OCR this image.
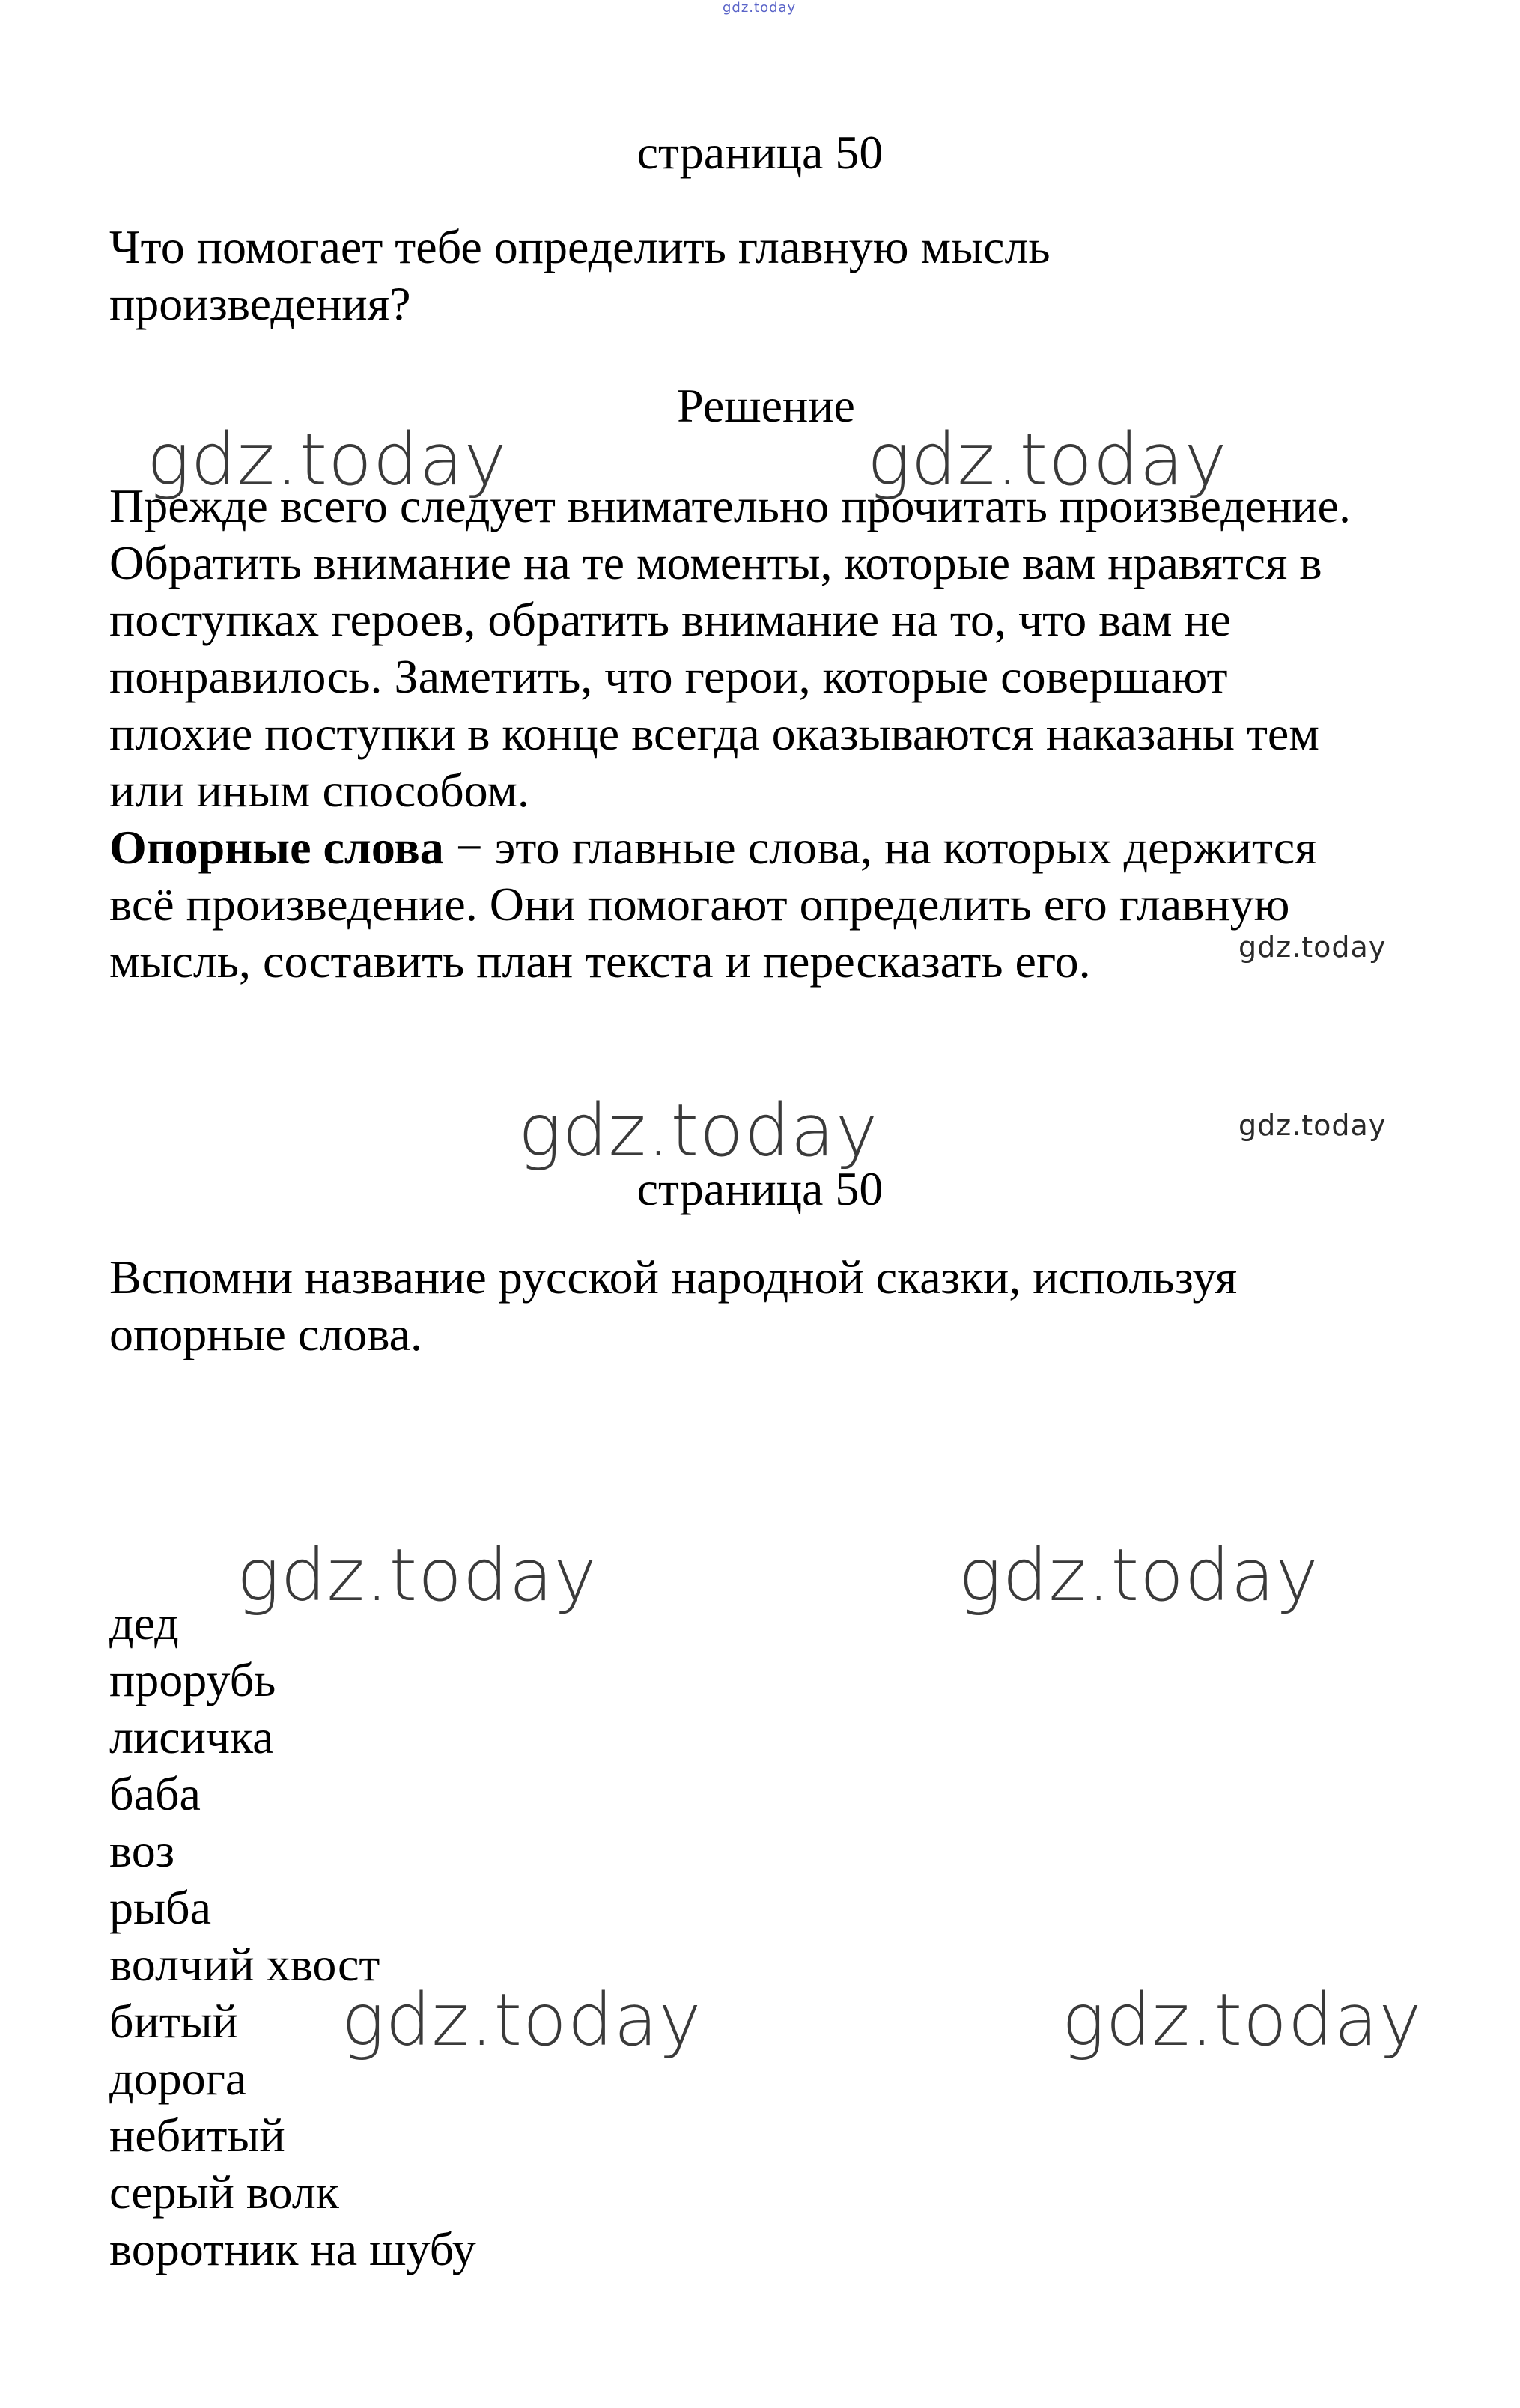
gdz.today
страница 50
Что помогает тебе определить главную мысль
произведения?
Решение
Прежде всего следует внимательно прочитать произведение.
Обратить внимание на те моменты, которые вам нравятся в
поступках героев, обратить внимание на то, что вам не
понравилось. Заметить, что герои, которые совершают
плохие поступки в конце всегда оказываются наказаны тем
или иным способом.
Опорные слова − это главные слова, на которых держится
всё произведение. Они помогают определить его главную
мысль, составить план текста и пересказать его.
страница 50
Вспомни название русской народной сказки, используя
опорные слова.
дед
прорубь
лисичка
баба
воз
рыба
волчий хвост
битый
дорога
небитый
серый волк
воротник на шубу
gdz.today	gdz.today
gdz.today
gdz.today	gdz.today
gdz.today	gdz.today
gdz.today	gdz.today
